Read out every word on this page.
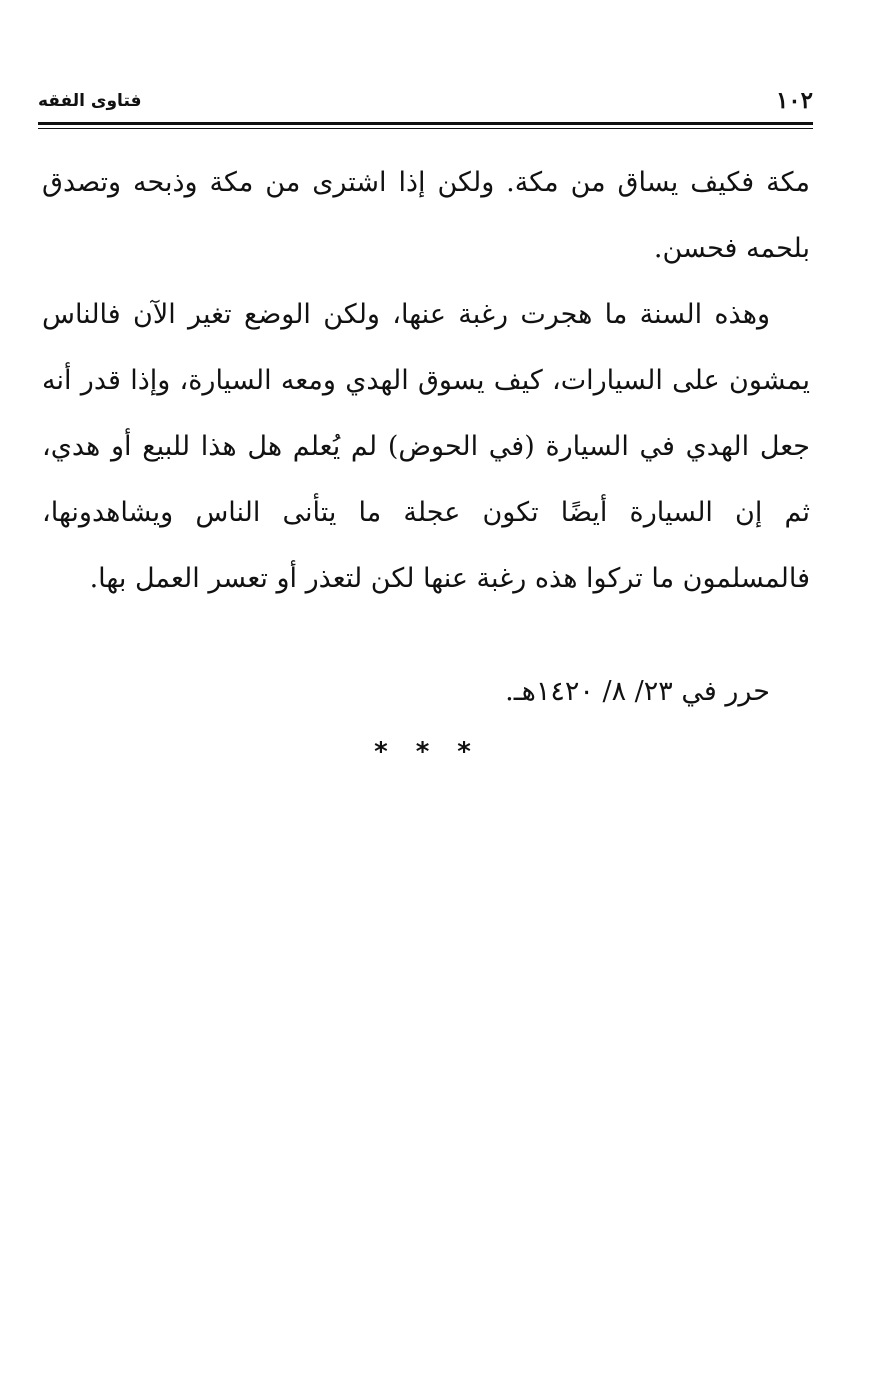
١٠٢
فتاوى الفقه

مكة فكيف يساق من مكة. ولكن إذا اشترى من مكة وذبحه وتصدق بلحمه فحسن.

وهذه السنة ما هجرت رغبة عنها، ولكن الوضع تغير الآن فالناس يمشون على السيارات، كيف يسوق الهدي ومعه السيارة، وإذا قدر أنه جعل الهدي في السيارة (في الحوض) لم يُعلم هل هذا للبيع أو هدي، ثم إن السيارة أيضًا تكون عجلة ما يتأنى الناس ويشاهدونها، فالمسلمون ما تركوا هذه رغبة عنها لكن لتعذر أو تعسر العمل بها.

حرر في ٢٣/ ٨/ ١٤٢٠هـ.
***
